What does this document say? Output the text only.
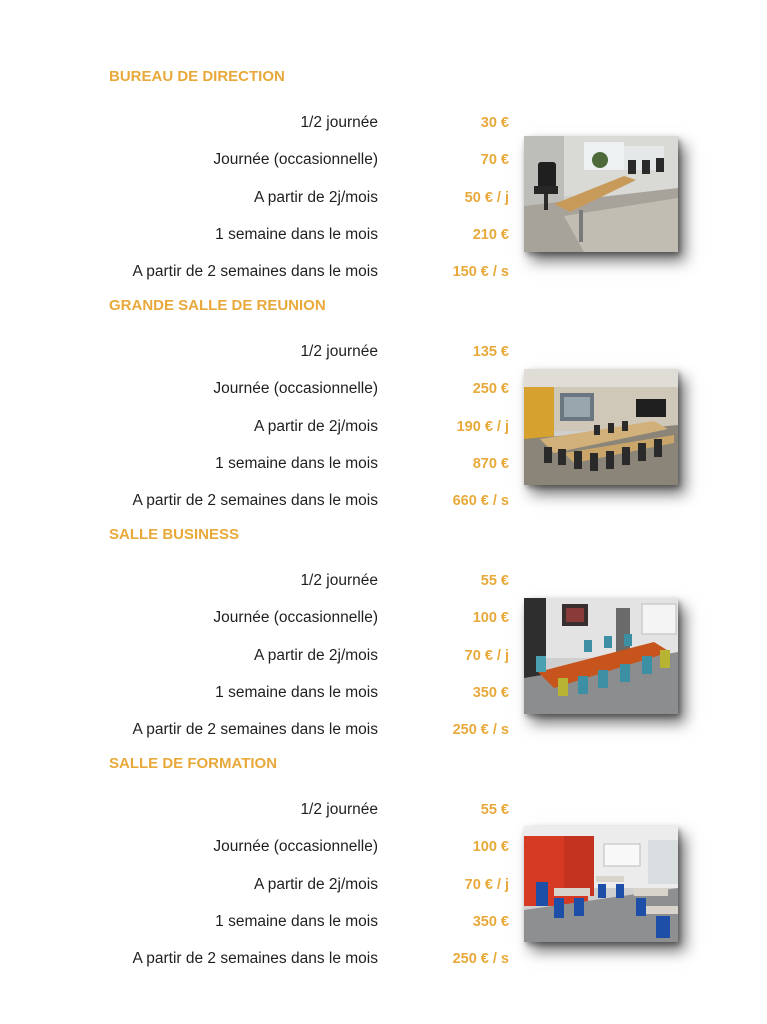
BUREAU DE DIRECTION
1/2 journée	30 €
Journée (occasionnelle)	70 €
A partir de 2j/mois	50 € / j
1 semaine dans le mois	210 €
A partir de 2 semaines dans le mois	150 € / s
GRANDE SALLE DE REUNION
1/2 journée	135 €
Journée (occasionnelle)	250 €
A partir de 2j/mois	190 € / j
1 semaine dans le mois	870 €
A partir de 2 semaines dans le mois	660 € / s
SALLE BUSINESS
1/2 journée	55 €
Journée (occasionnelle)	100 €
A partir de 2j/mois	70 € / j
1 semaine dans le mois	350 €
A partir de 2 semaines dans le mois	250 € / s
SALLE DE FORMATION
1/2 journée	55 €
Journée (occasionnelle)	100 €
A partir de 2j/mois	70 € / j
1 semaine dans le mois	350 €
A partir de 2 semaines dans le mois	250 € / s
